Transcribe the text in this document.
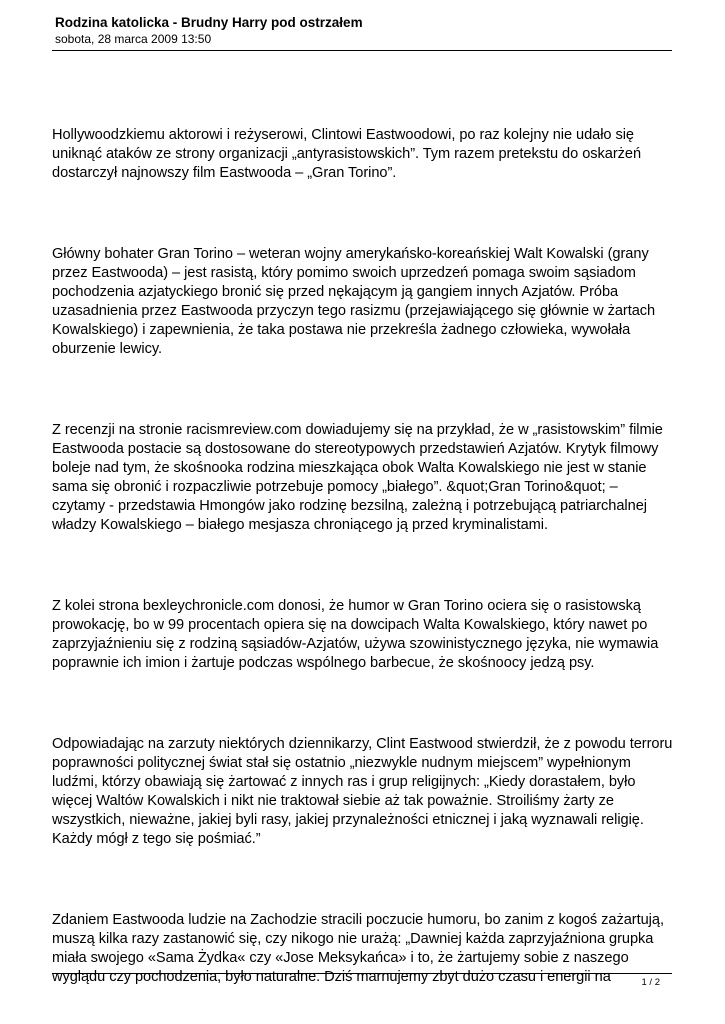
Rodzina katolicka - Brudny Harry pod ostrzałem

sobota, 28 marca 2009 13:50

Hollywoodzkiemu aktorowi i reżyserowi, Clintowi Eastwoodowi, po raz kolejny nie udało się uniknąć ataków ze strony organizacji „antyrasistowskich”. Tym razem pretekstu do oskarżeń dostarczył najnowszy film Eastwooda – „Gran Torino”.

Główny bohater Gran Torino – weteran wojny amerykańsko-koreańskiej Walt Kowalski (grany przez Eastwooda) – jest rasistą, który pomimo swoich uprzedzeń pomaga swoim sąsiadom pochodzenia azjatyckiego bronić się przed nękającym ją gangiem innych Azjatów. Próba uzasadnienia przez Eastwooda przyczyn tego rasizmu (przejawiającego się głównie w żartach Kowalskiego) i zapewnienia, że taka postawa nie przekreśla żadnego człowieka, wywołała oburzenie lewicy.

Z recenzji na stronie racismreview.com dowiadujemy się na przykład, że w „rasistowskim” filmie Eastwooda postacie są dostosowane do stereotypowych przedstawień Azjatów. Krytyk filmowy boleje nad tym, że skośnooka rodzina mieszkająca obok Walta Kowalskiego nie jest w stanie sama się obronić i rozpaczliwie potrzebuje pomocy „białego”. &quot;Gran Torino&quot; – czytamy - przedstawia Hmongów jako rodzinę bezsilną, zależną i potrzebującą patriarchalnej władzy Kowalskiego – białego mesjasza chroniącego ją przed kryminalistami.

Z kolei strona bexleychronicle.com donosi, że humor w Gran Torino ociera się o rasistowską prowokację, bo w 99 procentach opiera się na dowcipach Walta Kowalskiego, który nawet po zaprzyjaźnieniu się z rodziną sąsiadów-Azjatów, używa szowinistycznego języka, nie wymawia poprawnie ich imion i żartuje podczas wspólnego barbecue, że skośnoocy jedzą psy.

Odpowiadając na zarzuty niektórych dziennikarzy, Clint Eastwood stwierdził, że z powodu terroru poprawności politycznej świat stał się ostatnio „niezwykle nudnym miejscem” wypełnionym ludźmi, którzy obawiają się żartować z innych ras i grup religijnych: „Kiedy dorastałem, było więcej Waltów Kowalskich i nikt nie traktował siebie aż tak poważnie. Stroiliśmy żarty ze wszystkich, nieważne, jakiej byli rasy, jakiej przynależności etnicznej i jaką wyznawali religię. Każdy mógł z tego się pośmiać.”

Zdaniem Eastwooda ludzie na Zachodzie stracili poczucie humoru, bo zanim z kogoś zażartują, muszą kilka razy zastanowić się, czy nikogo nie urażą: „Dawniej każda zaprzyjaźniona grupka miała swojego «Sama Żydka« czy «Jose Meksykańca» i to, że żartujemy sobie z naszego wyglądu czy pochodzenia, było naturalne. Dziś marnujemy zbyt dużo czasu i energii na	1 / 2
